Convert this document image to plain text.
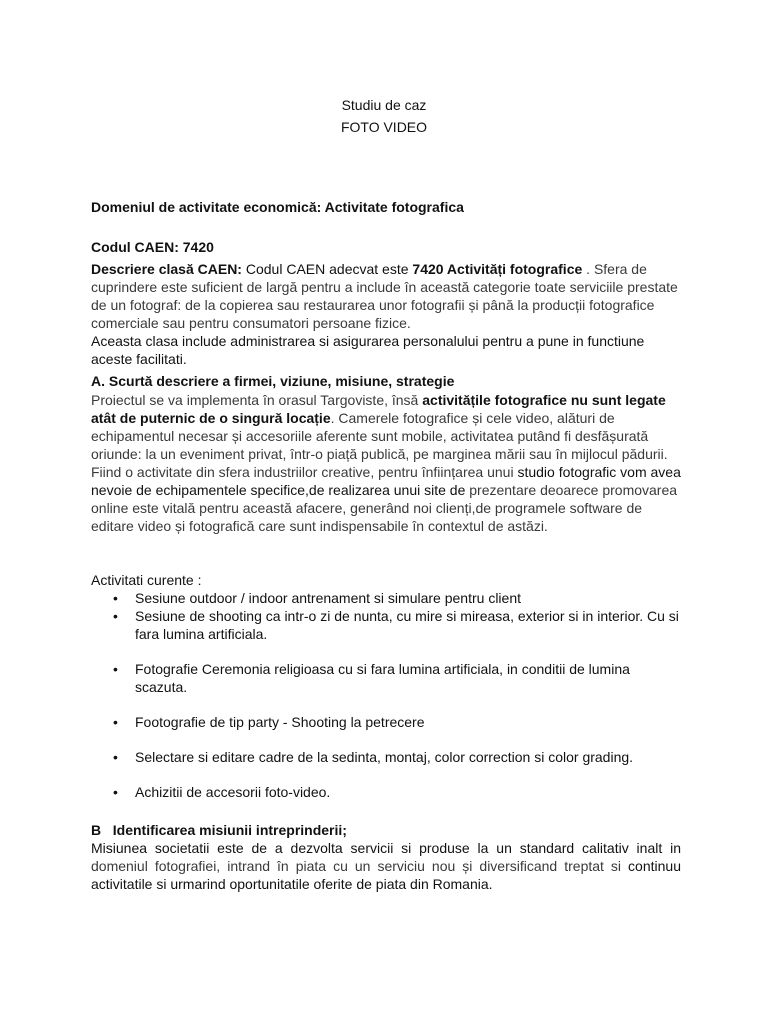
Studiu de caz
FOTO VIDEO
Domeniul de activitate economică: Activitate fotografica
Codul CAEN: 7420
Descriere clasă CAEN: Codul CAEN adecvat este 7420 Activități fotografice . Sfera de cuprindere este suficient de largă pentru a include în această categorie toate serviciile prestate de un fotograf: de la copierea sau restaurarea unor fotografii și până la producții fotografice comerciale sau pentru consumatori persoane fizice.
Aceasta clasa include administrarea si asigurarea personalului pentru a pune in functiune aceste facilitati.
A. Scurtă descriere a firmei, viziune, misiune, strategie
Proiectul se va implementa în orasul Targoviste, însă activitățile fotografice nu sunt legate atât de puternic de o singură locație. Camerele fotografice și cele video, alături de echipamentul necesar și accesoriile aferente sunt mobile, activitatea putând fi desfășurată oriunde: la un eveniment privat, într-o piață publică, pe marginea mării sau în mijlocul pădurii. Fiind o activitate din sfera industriilor creative, pentru înființarea unui studio fotografic vom avea nevoie de echipamentele specifice,de realizarea unui site de prezentare deoarece promovarea online este vitală pentru această afacere, generând noi clienți,de programele software de editare video și fotografică care sunt indispensabile în contextul de astăzi.
Activitati curente :
• Sesiune outdoor / indoor antrenament si simulare pentru client
• Sesiune de shooting ca intr-o zi de nunta, cu mire si mireasa, exterior si in interior. Cu si fara lumina artificiala.
• Fotografie Ceremonia religioasa cu si fara lumina artificiala, in conditii de lumina scazuta.
• Footografie de tip party - Shooting la petrecere
• Selectare si editare cadre de la sedinta, montaj, color correction si color grading.
• Achizitii de accesorii foto-video.
B   Identificarea misiunii intreprinderii;
Misiunea societatii este de a dezvolta servicii si produse la un standard calitativ inalt in domeniul fotografiei, intrand în piata cu un serviciu nou și diversificand treptat si continuu activitatile si urmarind oportunitatile oferite de piata din Romania.
